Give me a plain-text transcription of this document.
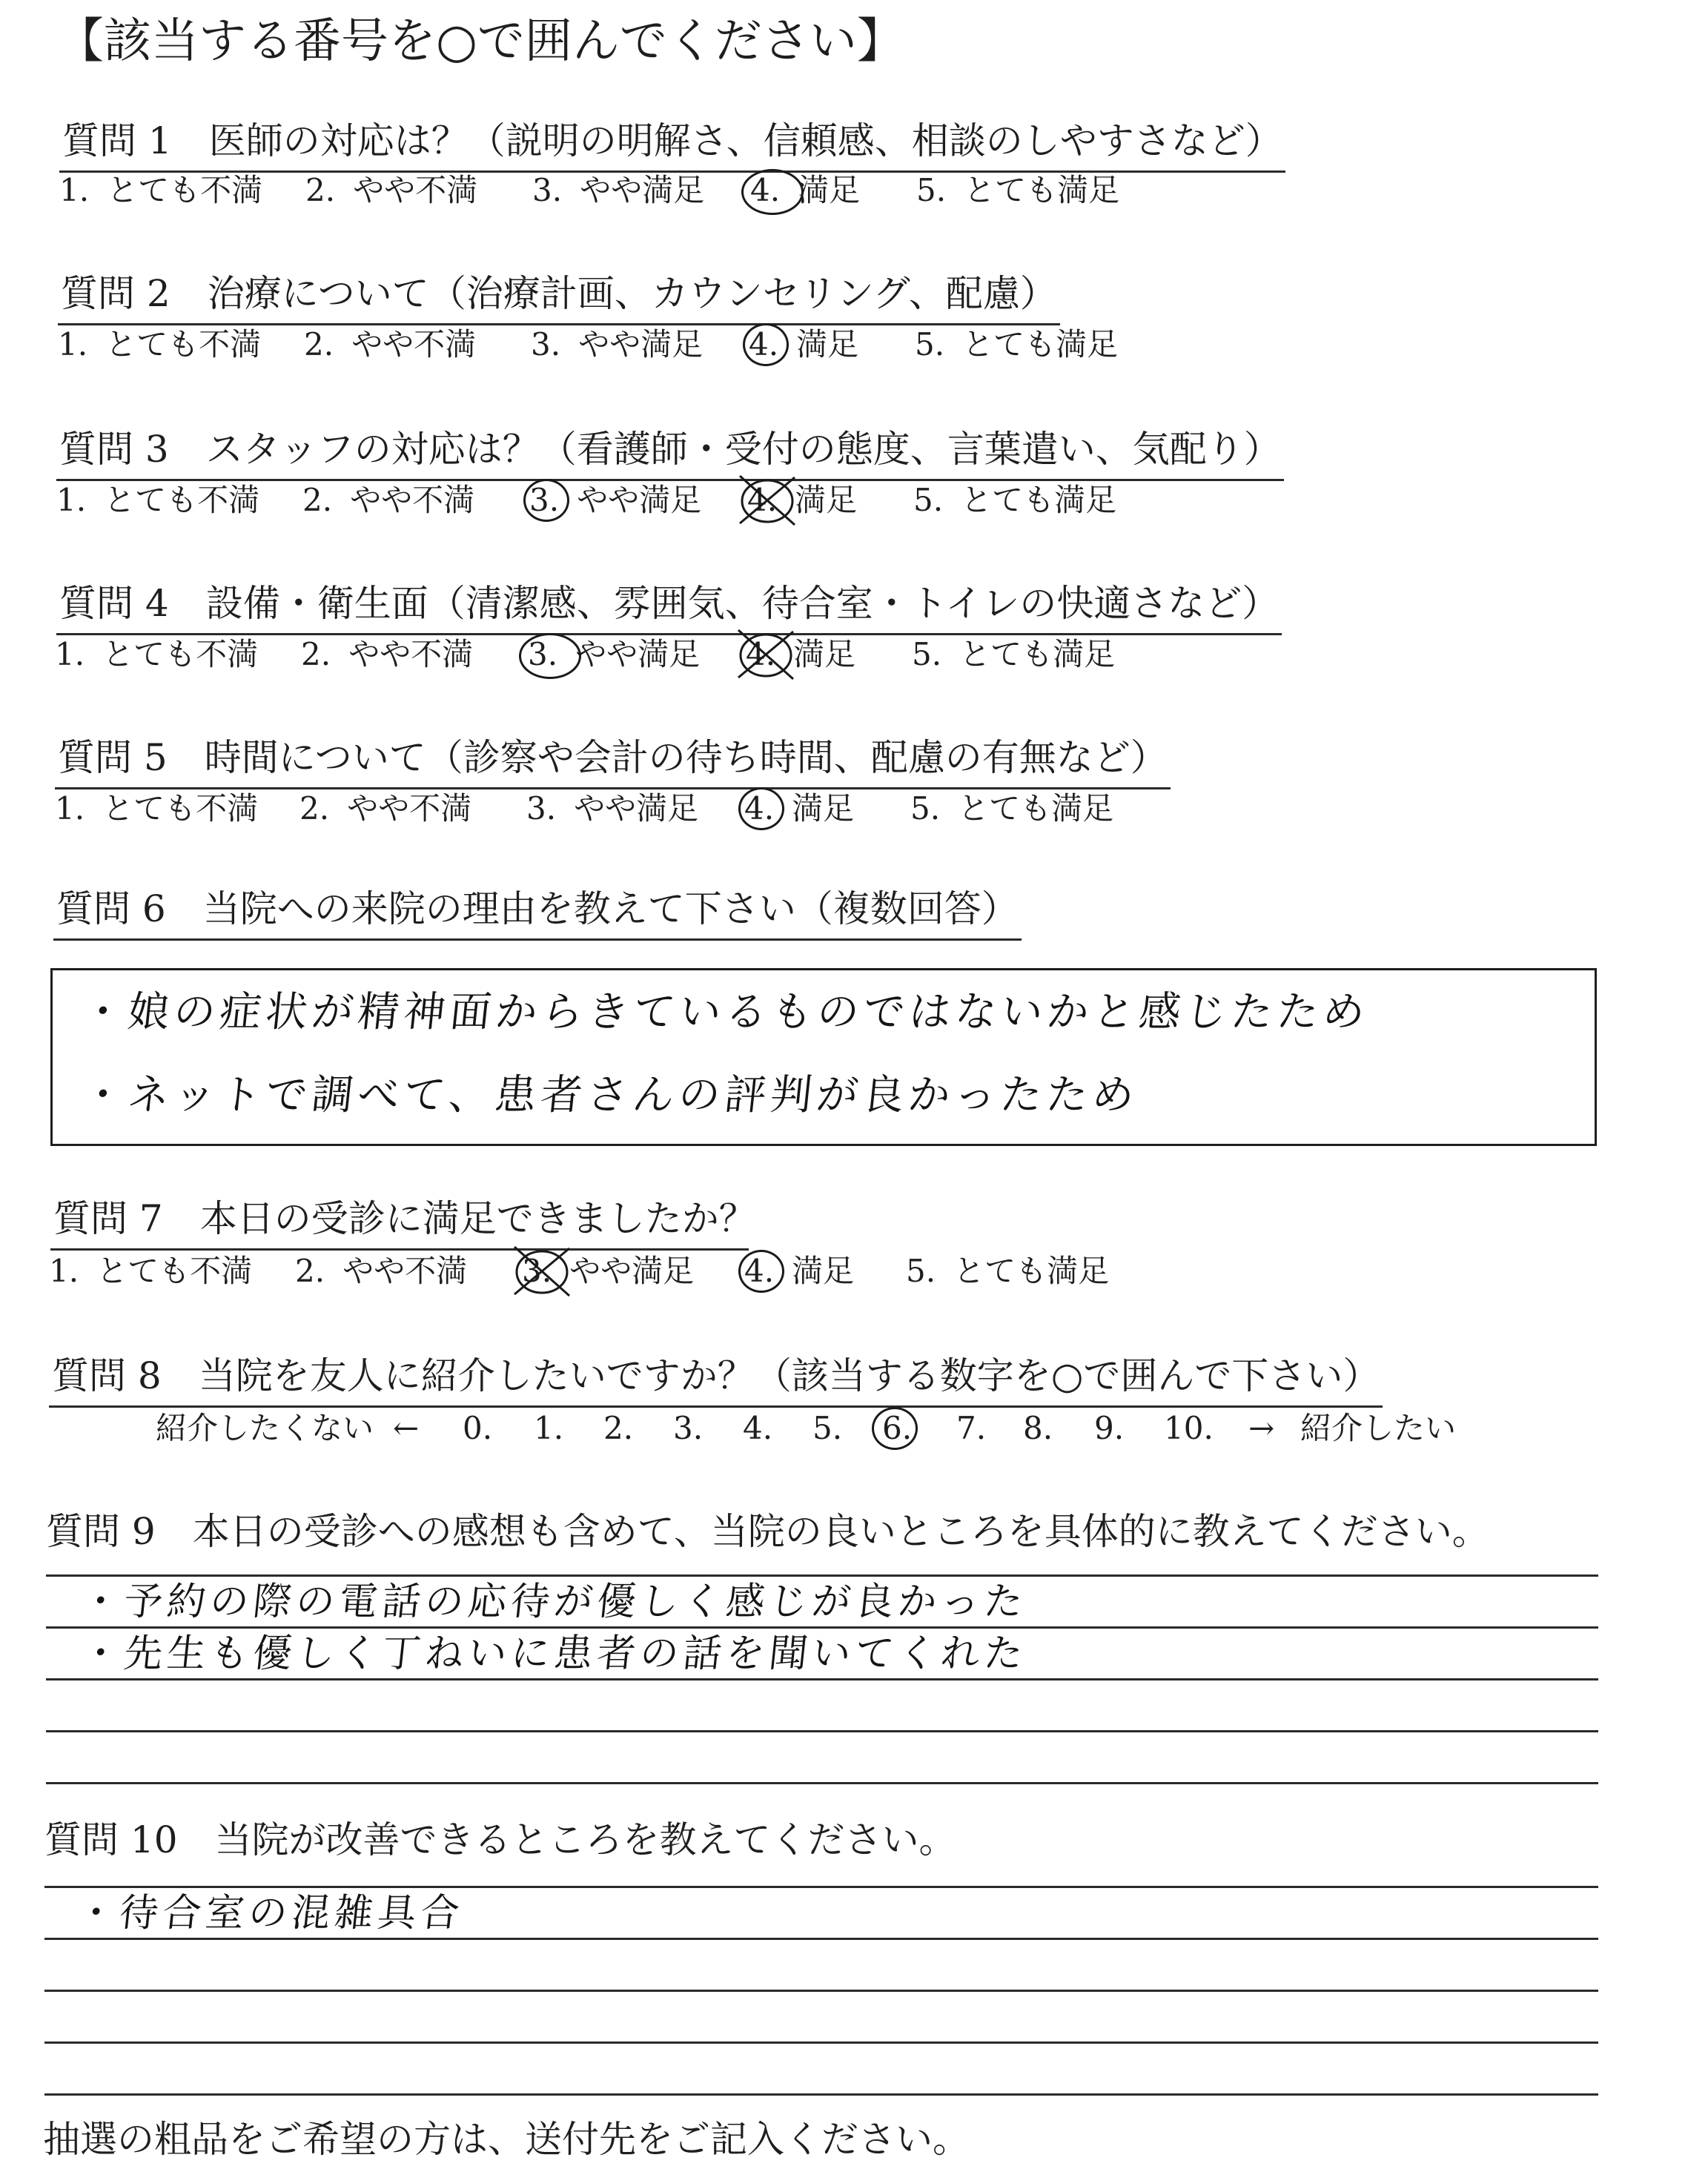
【該当する番号を○で囲んでください】
質問 1 医師の対応は？（説明の明解さ、信頼感、相談のしやすさなど）
1. とても不満 2. やや不満 3. やや満足 4. 満足 5. とても満足
質問 2 治療について（治療計画、カウンセリング、配慮）
1. とても不満 2. やや不満 3. やや満足 4. 満足 5. とても満足
質問 3 スタッフの対応は？（看護師・受付の態度、言葉遣い、気配り）
1. とても不満 2. やや不満 3. やや満足 4. 満足 5. とても満足
質問 4 設備・衛生面（清潔感、雰囲気、待合室・トイレの快適さなど）
1. とても不満 2. やや不満 3. やや満足 4. 満足 5. とても満足
質問 5 時間について（診察や会計の待ち時間、配慮の有無など）
1. とても不満 2. やや不満 3. やや満足 4. 満足 5. とても満足
質問 6 当院への来院の理由を教えて下さい（複数回答）
・娘の症状が精神面からきているものではないかと感じたため
・ネットで調べて、患者さんの評判が良かったため
質問 7 本日の受診に満足できましたか？
1. とても不満 2. やや不満 3. やや満足 4. 満足 5. とても満足
質問 8 当院を友人に紹介したいですか？（該当する数字を○で囲んで下さい）
紹介したくない ← 0. 1. 2. 3. 4. 5. 6. 7. 8. 9. 10. → 紹介したい
質問 9 本日の受診への感想も含めて、当院の良いところを具体的に教えてください。
・予約の際の電話の応待が優しく感じが良かった
・先生も優しく丁ねいに患者の話を聞いてくれた
質問 10 当院が改善できるところを教えてください。
・待合室の混雑具合
抽選の粗品をご希望の方は、送付先をご記入ください。
